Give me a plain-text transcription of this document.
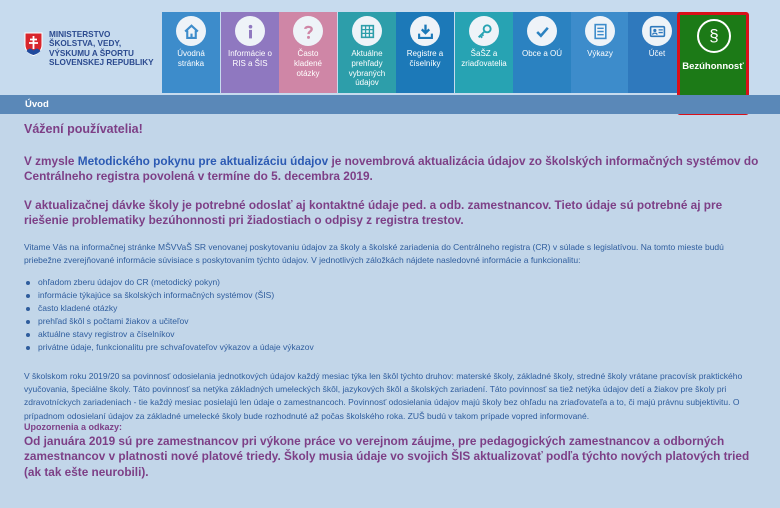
MINISTERSTVO
ŠKOLSTVA, VEDY,
VÝSKUMU A ŠPORTU
SLOVENSKEJ REPUBLIKY
Úvodná
stránka
Informácie o
RIS a ŠIS
Často
kladené
otázky
Aktuálne
prehľady
vybraných
údajov
Registre a
číselníky
ŠaŠZ a
zriaďovatelia
Obce a OÚ	Výkazy	Účet
§
Bezúhonnosť
Úvod
Vážení používatelia!
V zmysle Metodického pokynu pre aktualizáciu údajov je novembrová aktualizácia údajov zo školských informačných systémov do Centrálneho registra povolená v termíne do 5. decembra 2019.
V aktualizačnej dávke školy je potrebné odoslať aj kontaktné údaje ped. a odb. zamestnancov. Tieto údaje sú potrebné aj pre riešenie problematiky bezúhonnosti pri žiadostiach o odpisy z registra trestov.
Vitame Vás na informačnej stránke MŠVVaŠ SR venovanej poskytovaniu údajov za školy a školské zariadenia do Centrálneho registra (CR) v súlade s legislatívou. Na tomto mieste budú priebežne zverejňované informácie súvisiace s poskytovaním týchto údajov. V jednotlivých záložkách nájdete nasledovné informácie a funkcionalitu:
ohľadom zberu údajov do CR (metodický pokyn)
informácie týkajúce sa školských informačných systémov (ŠIS)
často kladené otázky
prehľad škôl s počtami žiakov a učiteľov
aktuálne stavy registrov a číselníkov
privátne údaje, funkcionalitu pre schvaľovateľov výkazov a údaje výkazov
V školskom roku 2019/20 sa povinnosť odosielania jednotkových údajov každý mesiac týka len škôl týchto druhov: materské školy, základné školy, stredné školy vrátane pracovísk praktického vyučovania, špeciálne školy. Táto povinnosť sa netýka základných umeleckých škôl, jazykových škôl a školských zariadení. Táto povinnosť sa tiež netýka údajov detí a žiakov pre školy pri zdravotníckych zariadeniach - tie každý mesiac posielajú len údaje o zamestnancoch. Povinnosť odosielania údajov majú školy bez ohľadu na zriaďovateľa a to, či majú právnu subjektivitu. O prípadnom odosielaní údajov za základné umelecké školy bude rozhodnuté až počas školského roka. ZUŠ budú v takom prípade vopred informované.
Upozornenia a odkazy:
Od januára 2019 sú pre zamestnancov pri výkone práce vo verejnom záujme, pre pedagogických zamestnancov a odborných zamestnancov v platnosti nové platové triedy. Školy musia údaje vo svojich ŠIS aktualizovať podľa týchto nových platových tried (ak tak ešte neurobili).
